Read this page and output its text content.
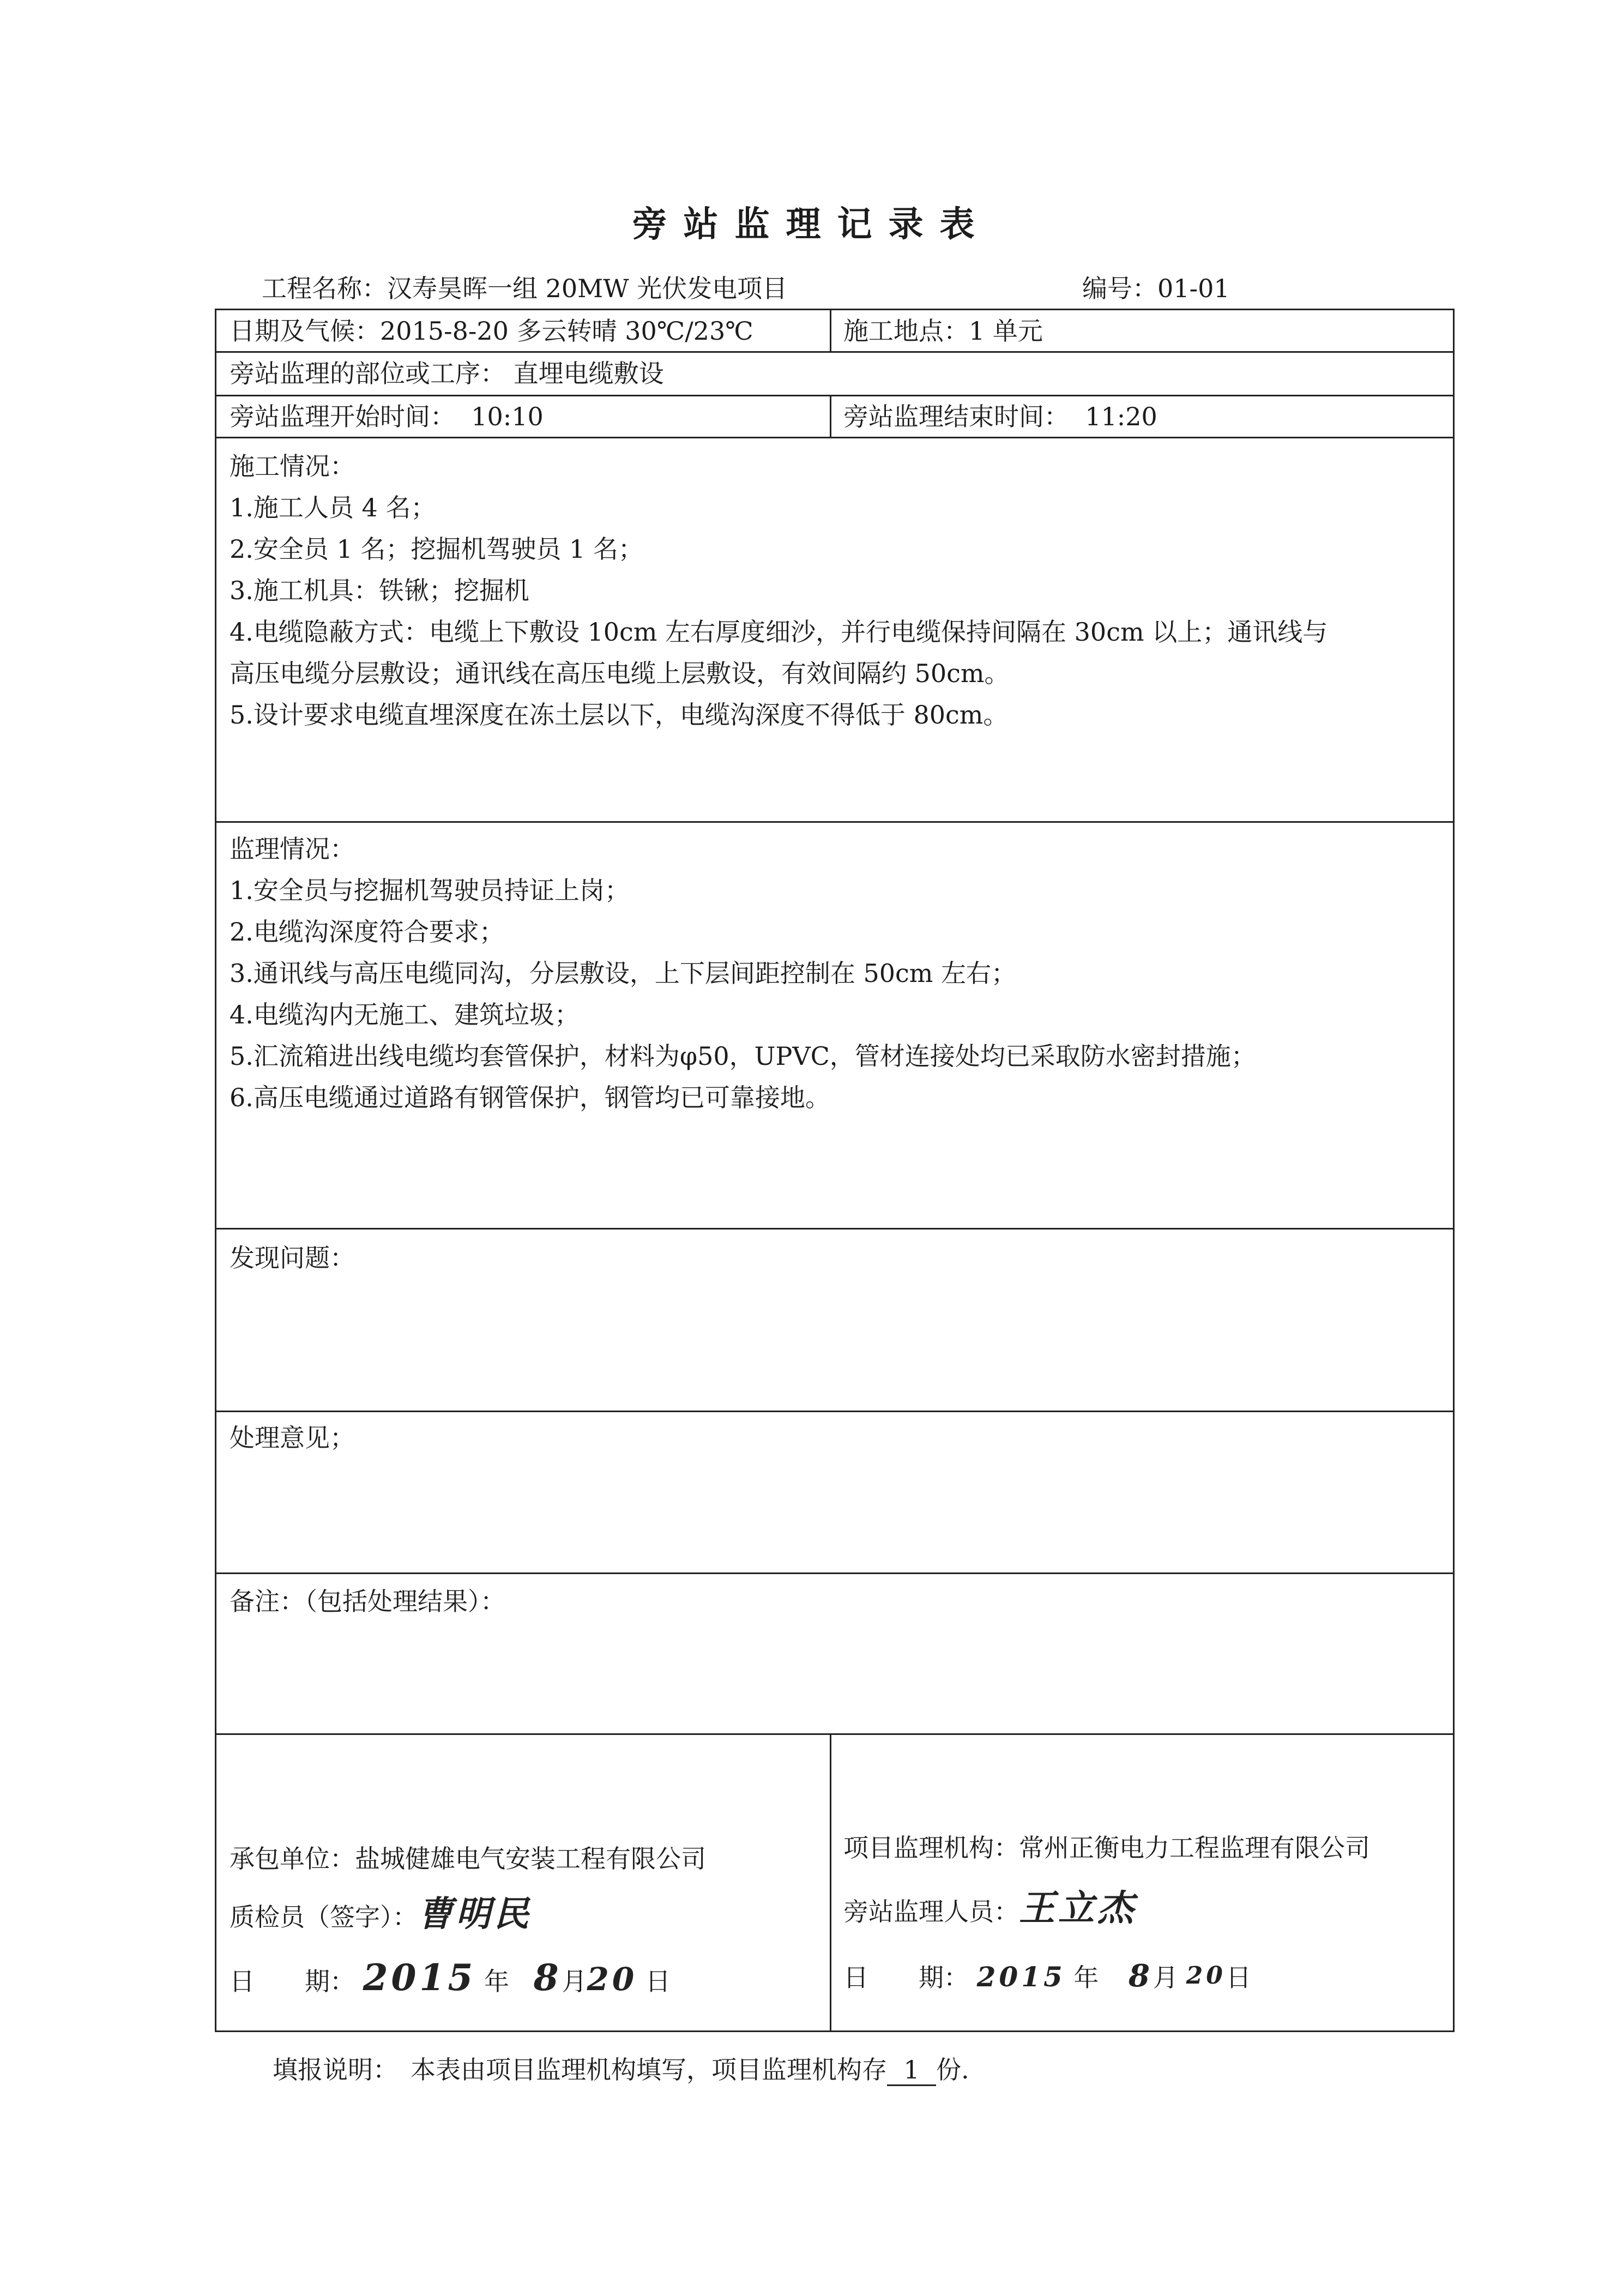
旁站监理记录表
工程名称：汉寿昊晖一组 20MW 光伏发电项目	编号：01-01
日期及气候：2015-8-20 多云转晴 30℃/23℃	施工地点：1 单元
旁站监理的部位或工序： 直埋电缆敷设
旁站监理开始时间： 10:10	旁站监理结束时间： 11:20

施工情况：

1.施工人员 4 名；

2.安全员 1 名；挖掘机驾驶员 1 名；

3.施工机具：铁锹；挖掘机

4.电缆隐蔽方式：电缆上下敷设 10cm 左右厚度细沙，并行电缆保持间隔在 30cm 以上；通讯线与

高压电缆分层敷设；通讯线在高压电缆上层敷设，有效间隔约 50cm。

5.设计要求电缆直埋深度在冻土层以下，电缆沟深度不得低于 80cm。

监理情况：

1.安全员与挖掘机驾驶员持证上岗；

2.电缆沟深度符合要求；

3.通讯线与高压电缆同沟，分层敷设，上下层间距控制在 50cm 左右；

4.电缆沟内无施工、建筑垃圾；

5.汇流箱进出线电缆均套管保护，材料为φ50，UPVC，管材连接处均已采取防水密封措施；

6.高压电缆通过道路有钢管保护，钢管均已可靠接地。

发现问题：

处理意见；

备注：（包括处理结果）：

承包单位：盐城健雄电气安装工程有限公司
质检员（签字）：曹明民
日　　期： 2015 年 8月20 日
项目监理机构：常州正衡电力工程监理有限公司
旁站监理人员：王立杰
日　　期： 2015 年 8月 20日
填报说明：　本表由项目监理机构填写，项目监理机构存 1 份.
